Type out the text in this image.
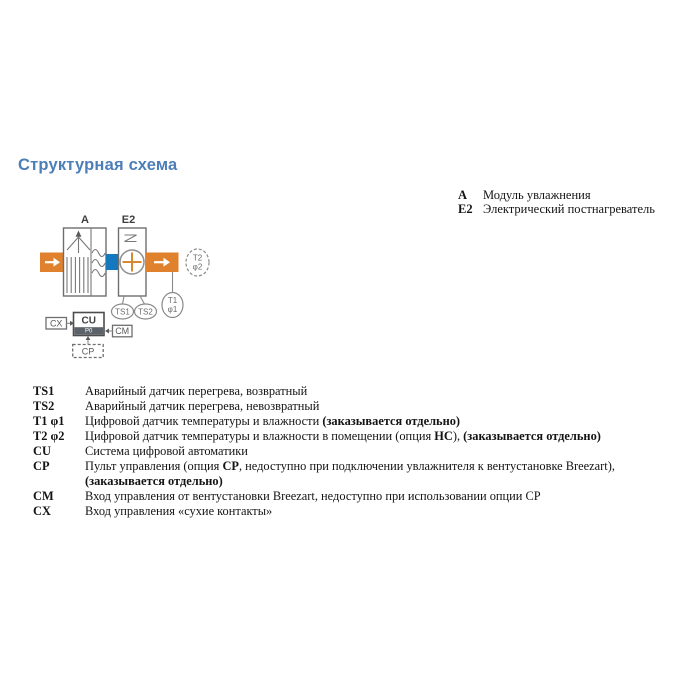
Структурная схема
A	E2
T2
φ2
T1
φ1
TS1 TS2
CU
P0
CX
CM
CP
A	Модуль увлажнения
E2 Электрический постнагреватель
TS1	Аварийный датчик перегрева, возвратный
TS2	Аварийный датчик перегрева, невозвратный
T1 φ1	Цифровой датчик температуры и влажности (заказывается отдельно)
T2 φ2	Цифровой датчик температуры и влажности в помещении (опция НС), (заказывается отдельно)
CU	Система цифровой автоматики
CP	Пульт управления (опция СР, недоступно при подключении увлажнителя к вентустановке Breezart),
(заказывается отдельно)
CM	Вход управления от вентустановки Breezart, недоступно при использовании опции СР
CX	Вход управления «сухие контакты»
